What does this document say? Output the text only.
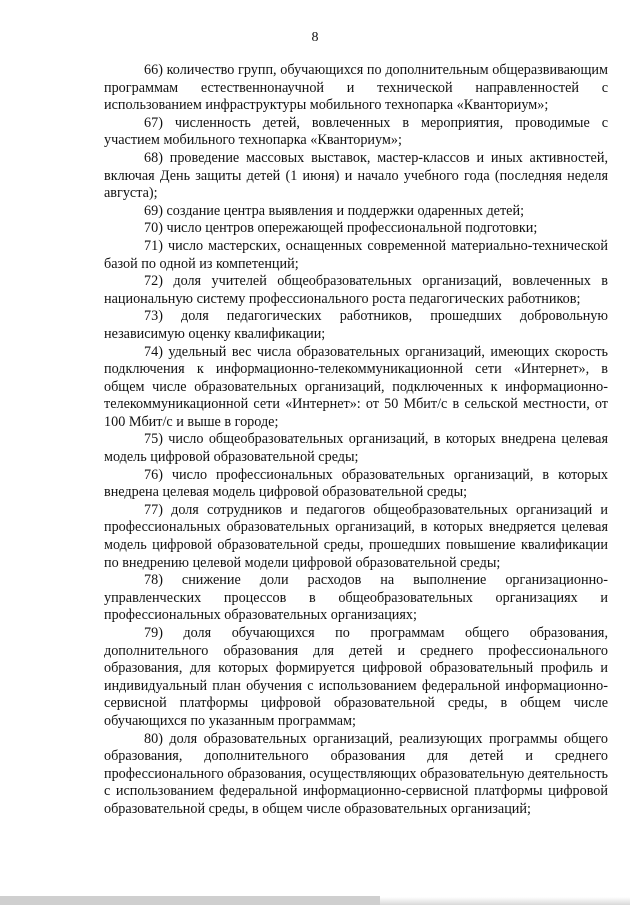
8

66) количество групп, обучающихся по дополнительным общеразвивающим программам естественнонаучной и технической направленностей с использованием инфраструктуры мобильного технопарка «Кванториум»;

67) численность детей, вовлеченных в мероприятия, проводимые с участием мобильного технопарка «Кванториум»;

68) проведение массовых выставок, мастер-классов и иных активностей, включая День защиты детей (1 июня) и начало учебного года (последняя неделя августа);

69) создание центра выявления и поддержки одаренных детей;

70) число центров опережающей профессиональной подготовки;

71) число мастерских, оснащенных современной материально-технической базой по одной из компетенций;

72) доля учителей общеобразовательных организаций, вовлеченных в национальную систему профессионального роста педагогических работников;

73) доля педагогических работников, прошедших добровольную независимую оценку квалификации;

74) удельный вес числа образовательных организаций, имеющих скорость подключения к информационно-телекоммуникационной сети «Интернет», в общем числе образовательных организаций, подключенных к информационно-телекоммуникационной сети «Интернет»: от 50 Мбит/с в сельской местности, от 100 Мбит/с и выше в городе;

75) число общеобразовательных организаций, в которых внедрена целевая модель цифровой образовательной среды;

76) число профессиональных образовательных организаций, в которых внедрена целевая модель цифровой образовательной среды;

77) доля сотрудников и педагогов общеобразовательных организаций и профессиональных образовательных организаций, в которых внедряется целевая модель цифровой образовательной среды, прошедших повышение квалификации по внедрению целевой модели цифровой образовательной среды;

78) снижение доли расходов на выполнение организационно-управленческих процессов в общеобразовательных организациях и профессиональных образовательных организациях;

79) доля обучающихся по программам общего образования, дополнительного образования для детей и среднего профессионального образования, для которых формируется цифровой образовательный профиль и индивидуальный план обучения с использованием федеральной информационно-сервисной платформы цифровой образовательной среды, в общем числе обучающихся по указанным программам;

80) доля образовательных организаций, реализующих программы общего образования, дополнительного образования для детей и среднего профессионального образования, осуществляющих образовательную деятельность с использованием федеральной информационно-сервисной платформы цифровой образовательной среды, в общем числе образовательных организаций;
